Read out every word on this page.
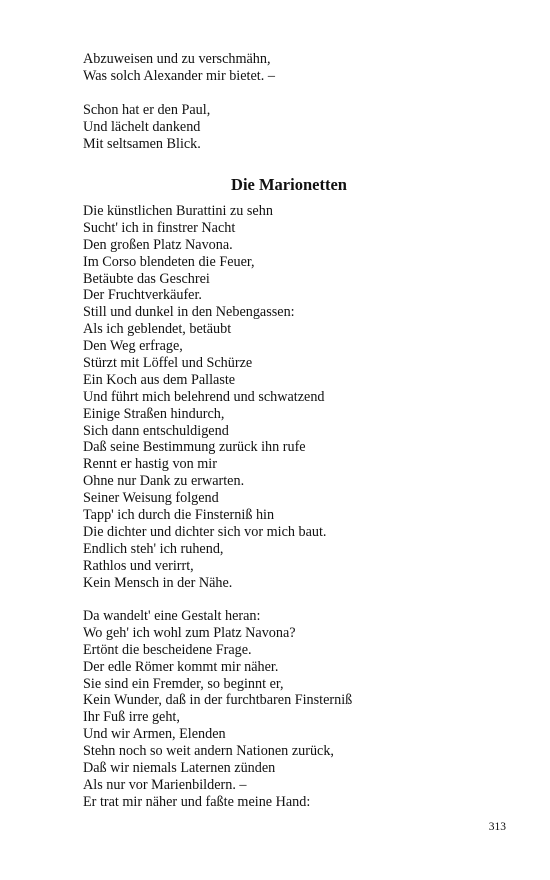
Abzuweisen und zu verschmähn,
Was solch Alexander mir bietet. –
Schon hat er den Paul,
Und lächelt dankend
Mit seltsamen Blick.
Die Marionetten
Die künstlichen Burattini zu sehn
Sucht' ich in finstrer Nacht
Den großen Platz Navona.
Im Corso blendeten die Feuer,
Betäubte das Geschrei
Der Fruchtverkäufer.
Still und dunkel in den Nebengassen:
Als ich geblendet, betäubt
Den Weg erfrage,
Stürzt mit Löffel und Schürze
Ein Koch aus dem Pallaste
Und führt mich belehrend und schwatzend
Einige Straßen hindurch,
Sich dann entschuldigend
Daß seine Bestimmung zurück ihn rufe
Rennt er hastig von mir
Ohne nur Dank zu erwarten.
Seiner Weisung folgend
Tapp' ich durch die Finsterniß hin
Die dichter und dichter sich vor mich baut.
Endlich steh' ich ruhend,
Rathlos und verirrt,
Kein Mensch in der Nähe.
Da wandelt' eine Gestalt heran:
Wo geh' ich wohl zum Platz Navona?
Ertönt die bescheidene Frage.
Der edle Römer kommt mir näher.
Sie sind ein Fremder, so beginnt er,
Kein Wunder, daß in der furchtbaren Finsterniß
Ihr Fuß irre geht,
Und wir Armen, Elenden
Stehn noch so weit andern Nationen zurück,
Daß wir niemals Laternen zünden
Als nur vor Marienbildern. –
Er trat mir näher und faßte meine Hand:
313
